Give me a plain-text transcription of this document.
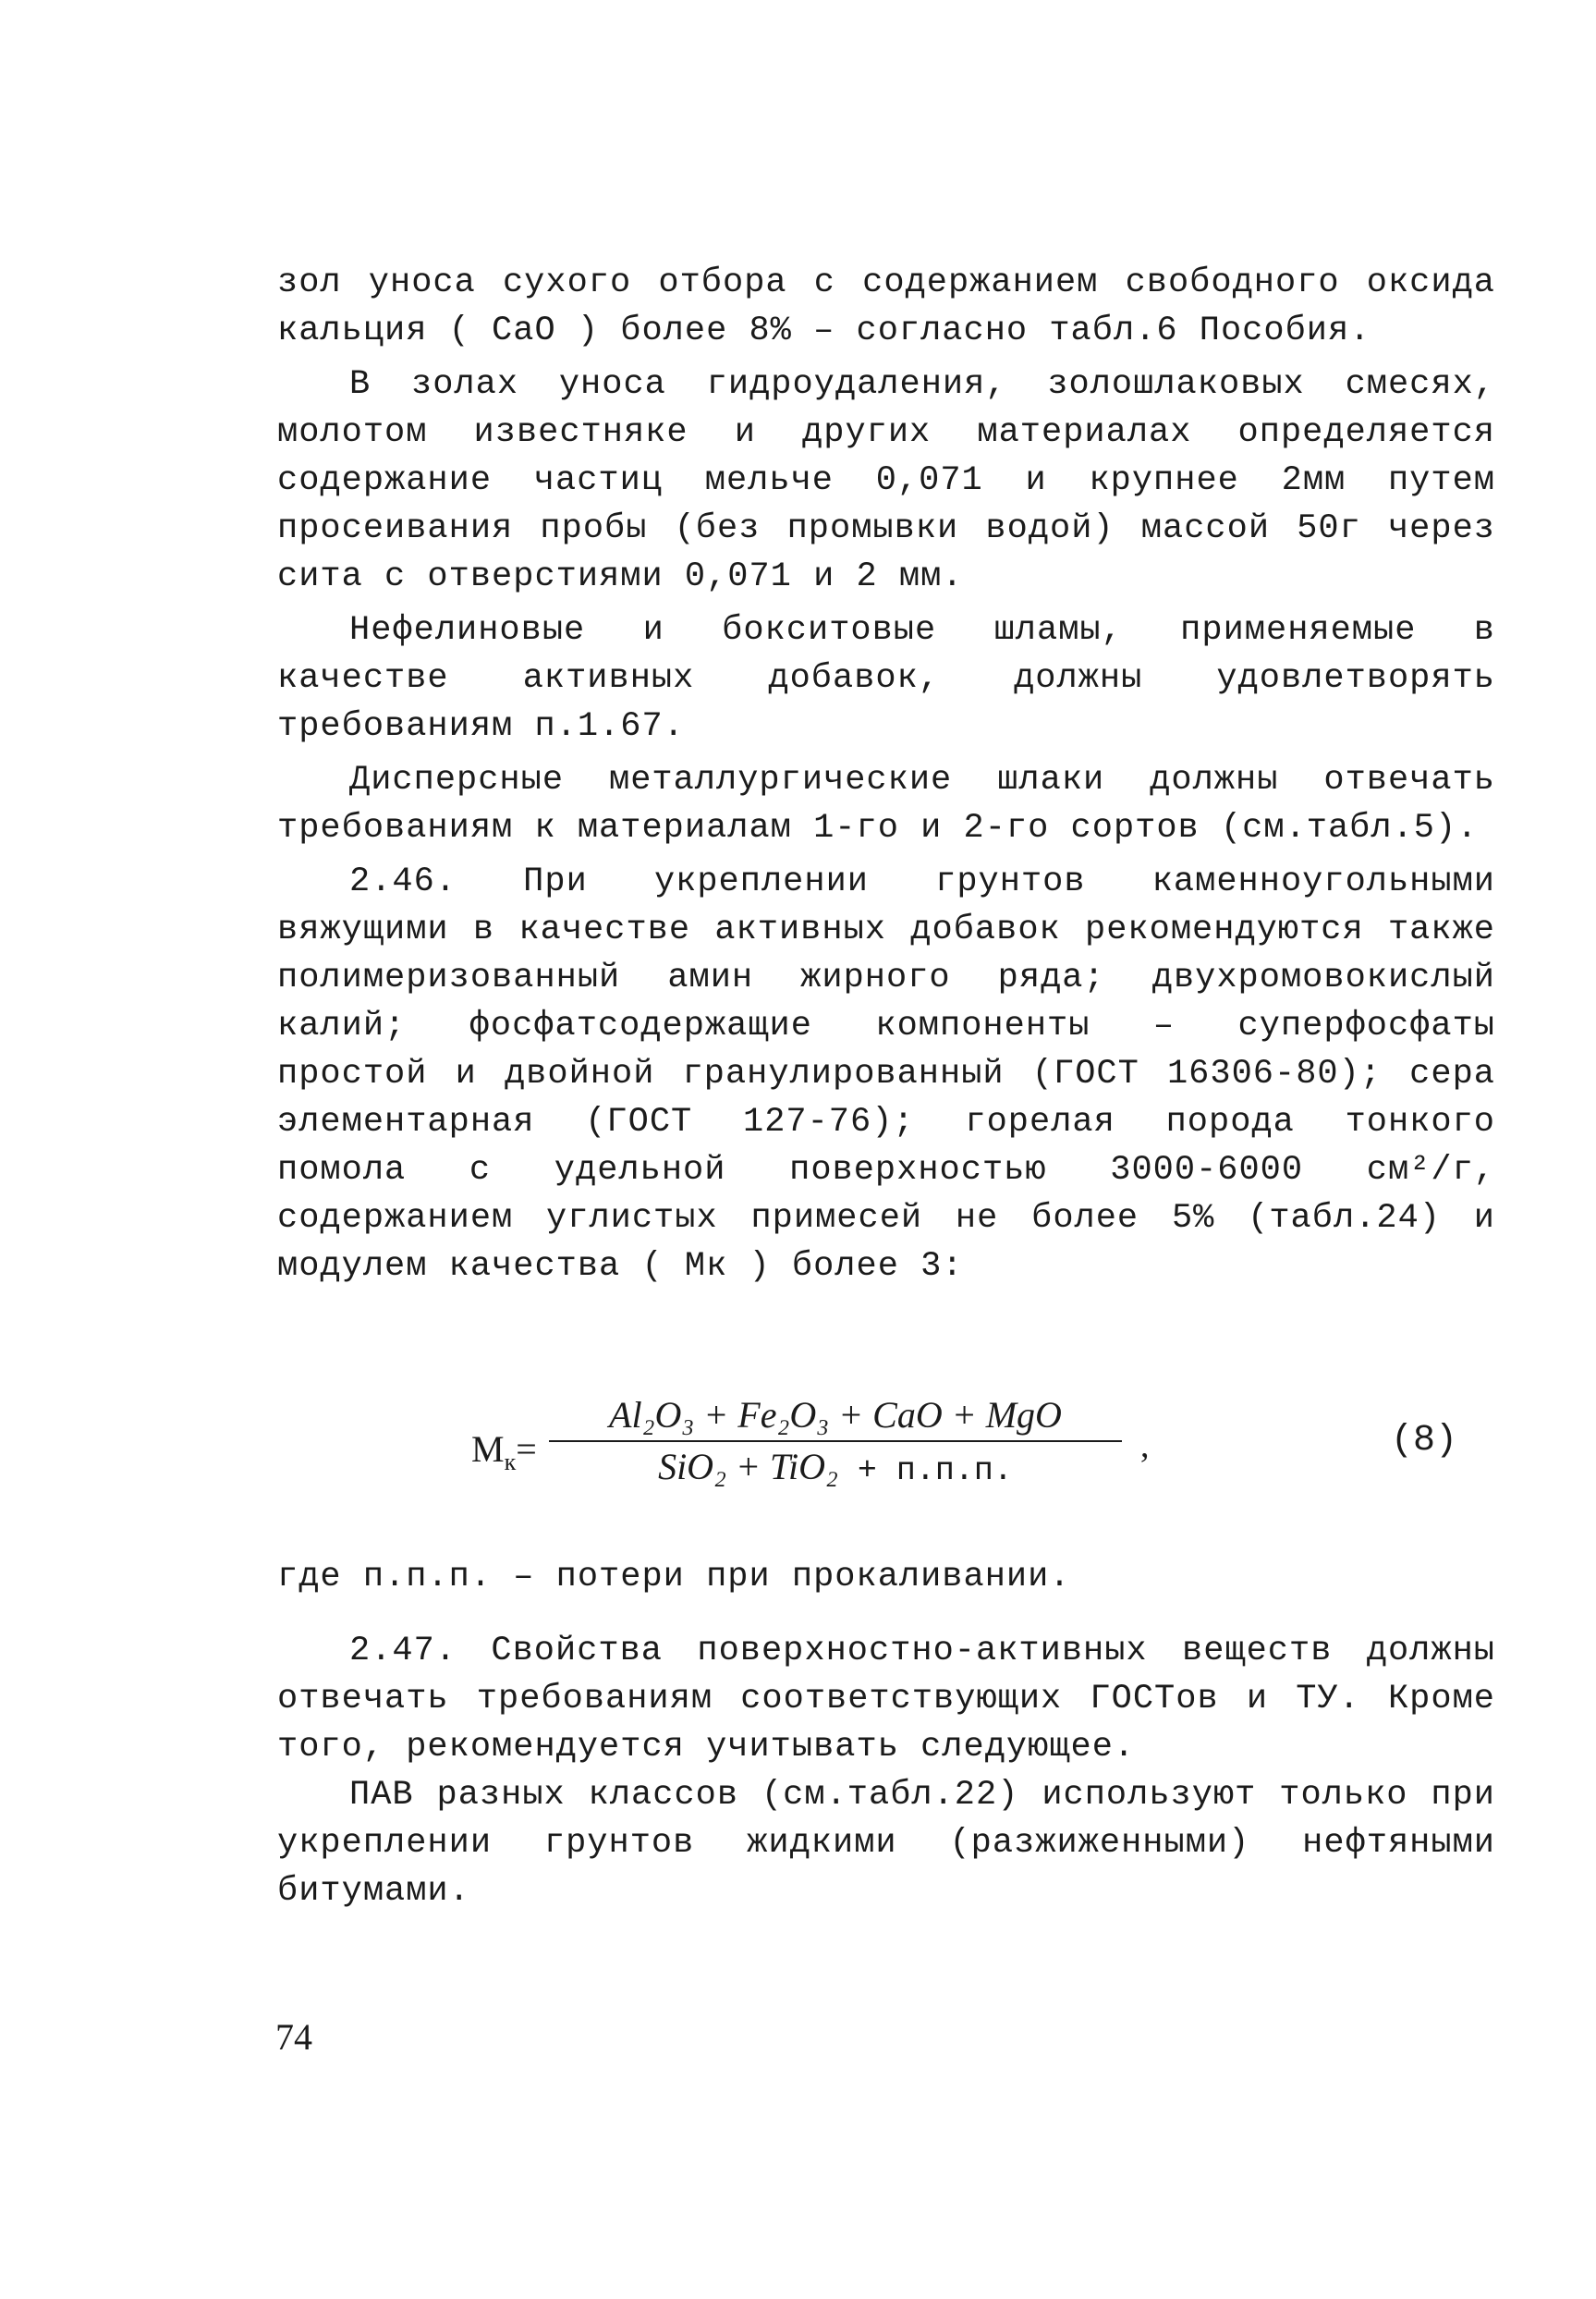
зол уноса сухого отбора с содержанием свободного оксида кальция ( CaO ) более 8% – согласно табл.6 Пособия.

В золах уноса гидроудаления, золошлаковых смесях, молотом известняке и других материалах определяется содержание частиц мельче 0,071 и крупнее 2мм путем просеивания пробы (без промывки водой) массой 50г через сита с отверстиями 0,071 и 2 мм.

Нефелиновые и бокситовые шламы, применяемые в качестве активных добавок, должны удовлетворять требованиям п.1.67.

Дисперсные металлургические шлаки должны отвечать требованиям к материалам 1-го и 2-го сортов (см.табл.5).

2.46. При укреплении грунтов каменноугольными вяжущими в качестве активных добавок рекомендуются также полимеризованный амин жирного ряда; двухромовокислый калий; фосфатсодержащие компоненты – суперфосфаты простой и двойной гранулированный (ГОСТ 16306-80); сера элементарная (ГОСТ 127-76); горелая порода тонкого помола с удельной поверхностью 3000-6000 см²/г, содержанием углистых примесей не более 5% (табл.24) и модулем качества ( Мк ) более 3:

$М_к=$
Al₂O₃ + Fe₂O₃ + CaO + MgO
SiO₂ + TiO₂ + п.п.п.
,	(8)

где п.п.п. – потери при прокаливании.

2.47. Свойства поверхностно-активных веществ должны отвечать требованиям соответствующих ГОСТов и ТУ. Кроме того, рекомендуется учитывать следующее.

ПАВ разных классов (см.табл.22) используют только при укреплении грунтов жидкими (разжиженными) нефтяными битумами.

74
